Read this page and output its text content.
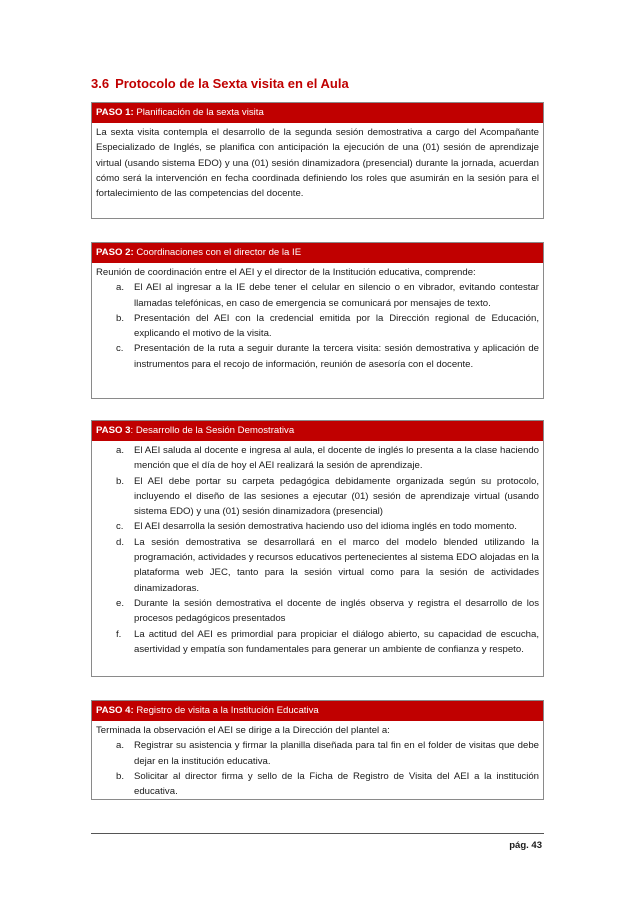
3.6 Protocolo de la Sexta visita en el Aula
PASO 1: Planificación de la sexta visita

La sexta visita contempla el desarrollo de la segunda sesión demostrativa a cargo del Acompañante Especializado de Inglés, se planifica con anticipación la ejecución de una (01) sesión de aprendizaje virtual (usando sistema EDO) y una (01) sesión dinamizadora (presencial) durante la jornada, acuerdan cómo será la intervención en fecha coordinada definiendo los roles que asumirán en la sesión para el fortalecimiento de las competencias del docente.

PASO 2: Coordinaciones con el director de la IE

Reunión de coordinación entre el AEI y el director de la Institución educativa, comprende:

a. El AEI al ingresar a la IE debe tener el celular en silencio o en vibrador, evitando contestar llamadas telefónicas, en caso de emergencia se comunicará por mensajes de texto.
b. Presentación del AEI con la credencial emitida por la Dirección regional de Educación, explicando el motivo de la visita.
c. Presentación de la ruta a seguir durante la tercera visita: sesión demostrativa y aplicación de instrumentos para el recojo de información, reunión de asesoría con el docente.
PASO 3: Desarrollo de la Sesión Demostrativa
a. El AEI saluda al docente e ingresa al aula, el docente de inglés lo presenta a la clase haciendo mención que el día de hoy el AEI realizará la sesión de aprendizaje.
b. El AEI debe portar su carpeta pedagógica debidamente organizada según su protocolo, incluyendo el diseño de las sesiones a ejecutar (01) sesión de aprendizaje virtual (usando sistema EDO) y una (01) sesión dinamizadora (presencial)
c. El AEI desarrolla la sesión demostrativa haciendo uso del idioma inglés en todo momento.
d. La sesión demostrativa se desarrollará en el marco del modelo blended utilizando la programación, actividades y recursos educativos pertenecientes al sistema EDO alojadas en la plataforma web JEC, tanto para la sesión virtual como para la sesión de actividades dinamizadoras.
e. Durante la sesión demostrativa el docente de inglés observa y registra el desarrollo de los procesos pedagógicos presentados
f. La actitud del AEI es primordial para propiciar el diálogo abierto, su capacidad de escucha, asertividad y empatía son fundamentales para generar un ambiente de confianza y respeto.
PASO 4: Registro de visita a la Institución Educativa

Terminada la observación el AEI se dirige a la Dirección del plantel a:

a. Registrar su asistencia y firmar la planilla diseñada para tal fin en el folder de visitas que debe dejar en la institución educativa.
b. Solicitar al director firma y sello de la Ficha de Registro de Visita del AEI a la institución educativa.
pág. 43
